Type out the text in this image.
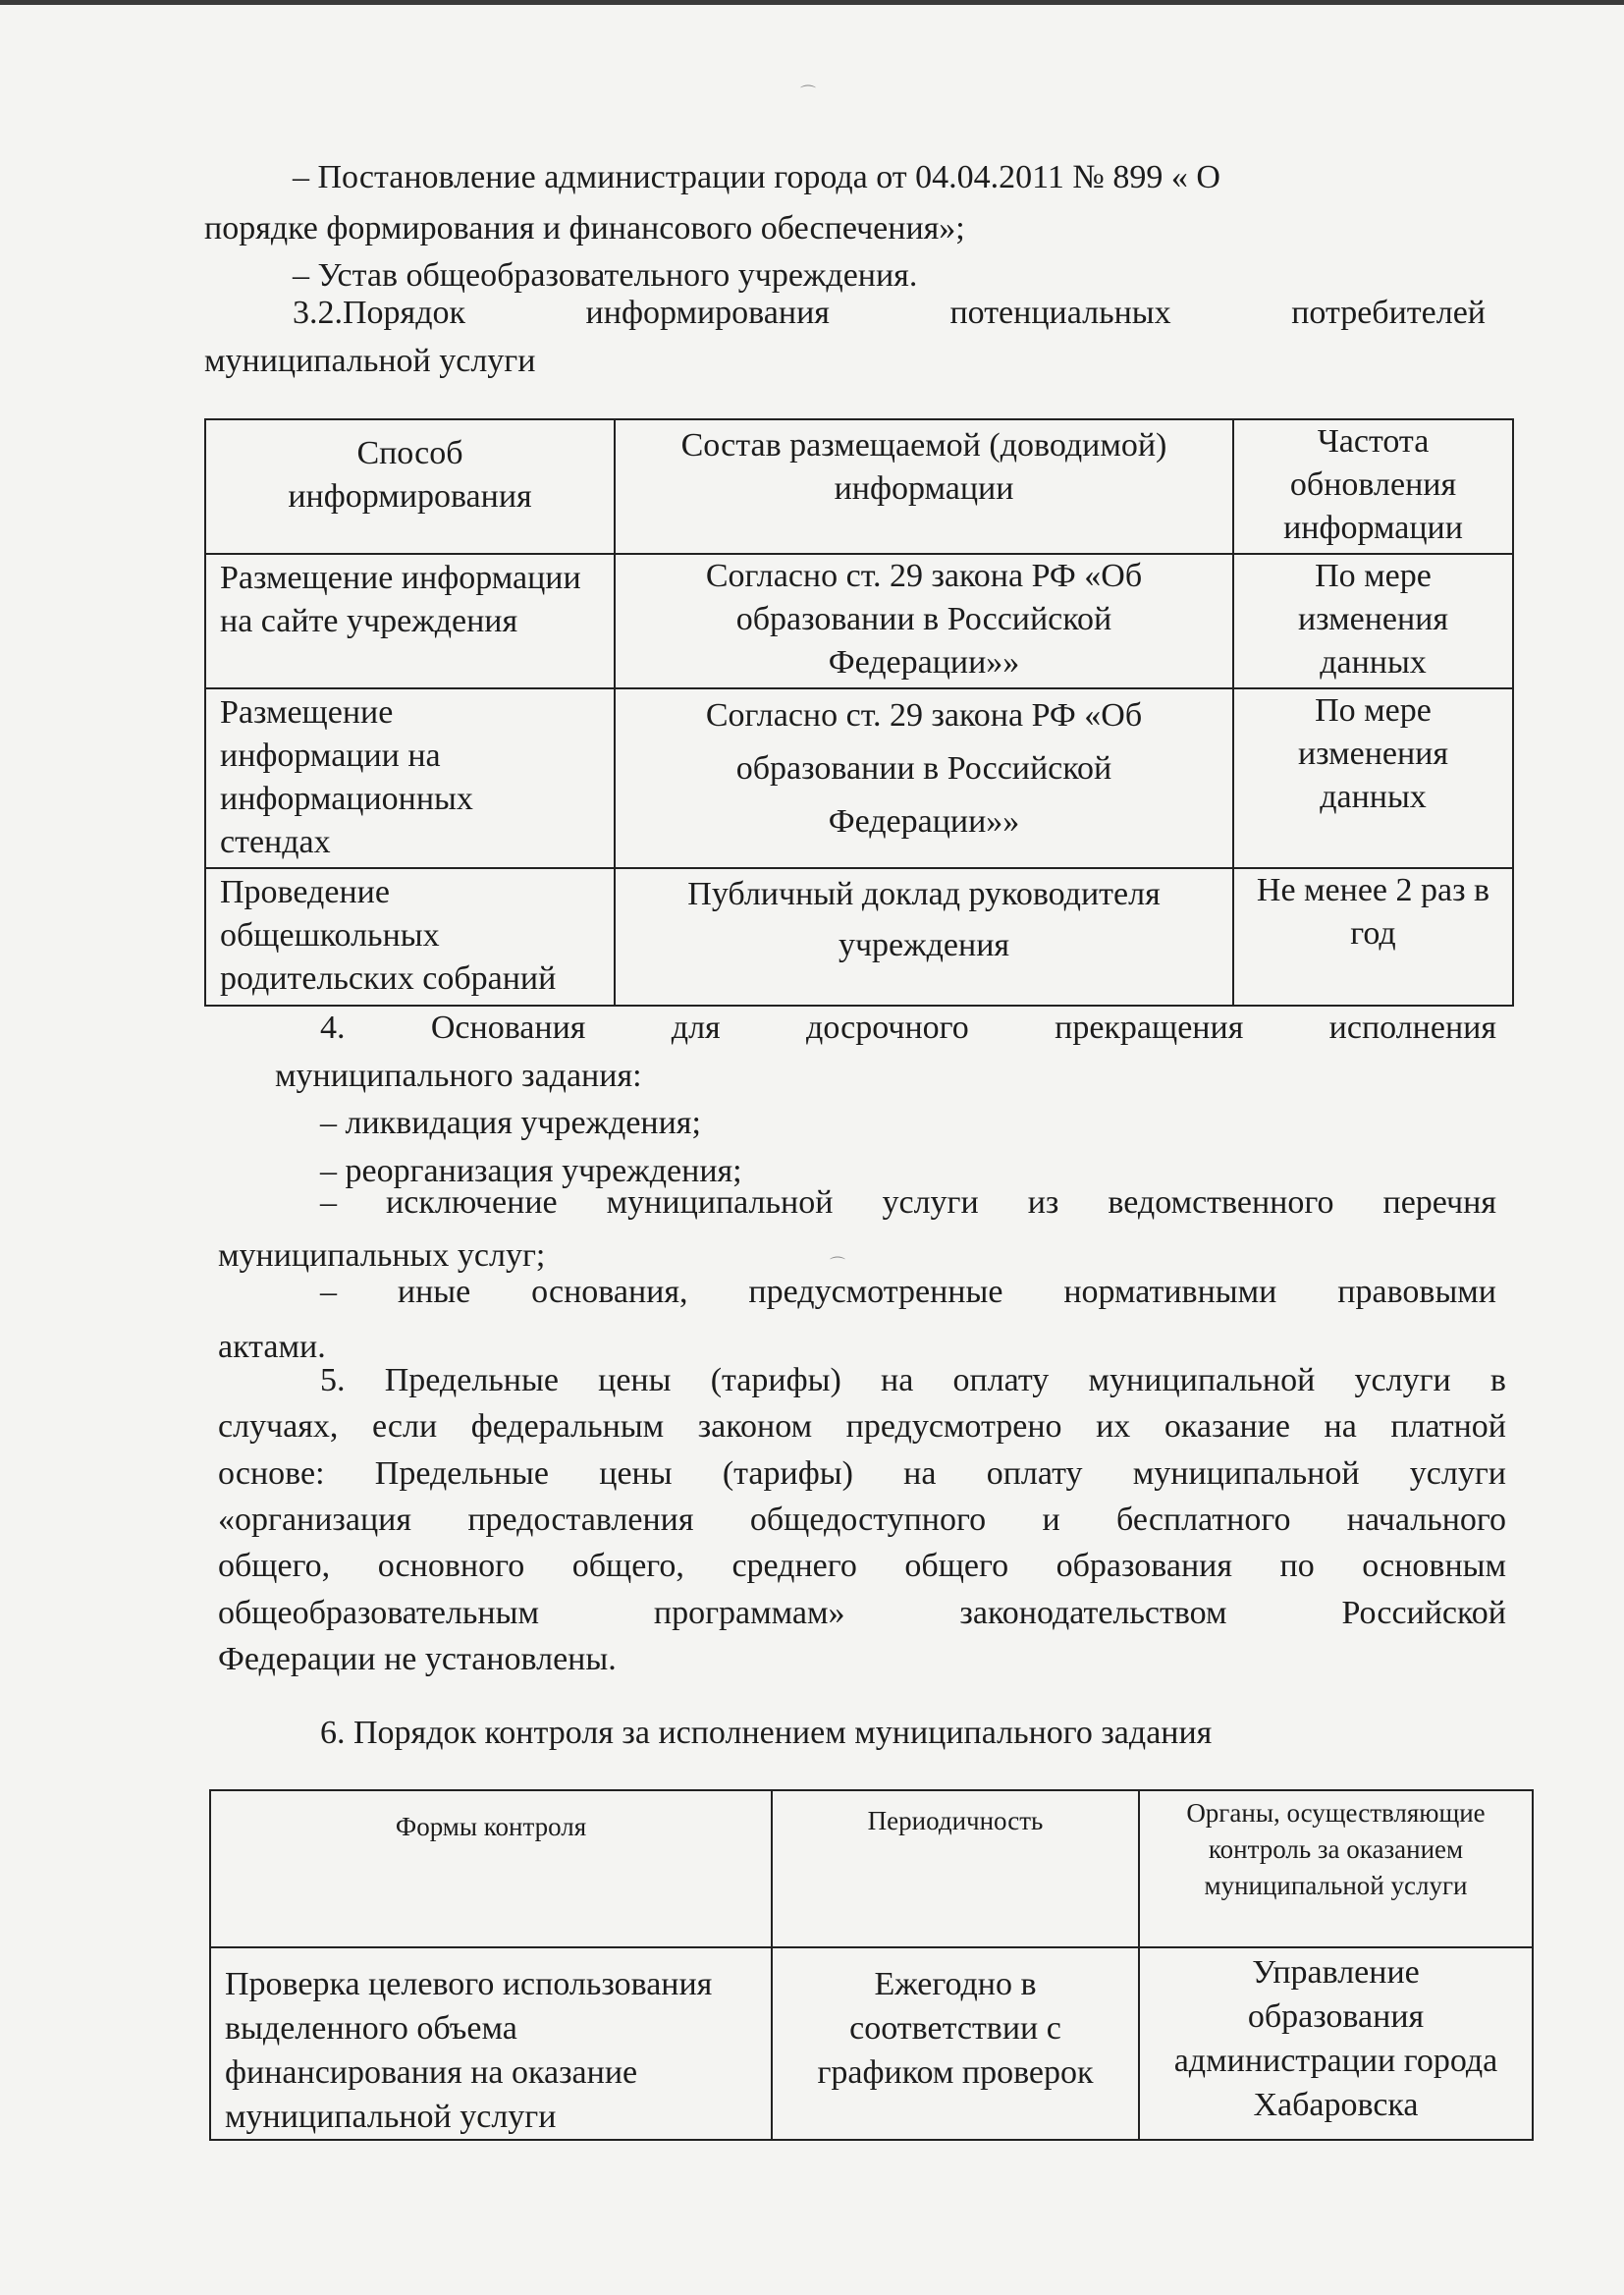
⌒

– Постановление администрации города от 04.04.2011 № 899 « О

порядке формирования и финансового обеспечения»;

– Устав общеобразовательного учреждения.

3.2.Порядок информирования потенциальных потребителей

муниципальной услуги

Способ информирования	Состав размещаемой (доводимой) информации	Частота обновления информации

Размещение информации на сайте учреждения	Согласно ст. 29 закона РФ «Об образовании в Российской Федерации»»	По мере изменения данных

Размещение информации на информационных стендах	Согласно ст. 29 закона РФ «Об образовании в Российской Федерации»»	По мере изменения данных

Проведение общешкольных родительских собраний	Публичный доклад руководителя учреждения	Не менее 2 раз в год

4. Основания для досрочного прекращения исполнения

муниципального задания:

– ликвидация учреждения;

– реорганизация учреждения;

– исключение муниципальной услуги из ведомственного перечня

муниципальных услуг;

– иные основания, предусмотренные нормативными правовыми

актами.

⌒

5. Предельные цены (тарифы) на оплату муниципальной услуги в

случаях, если федеральным законом предусмотрено их оказание на платной

основе: Предельные цены (тарифы) на оплату муниципальной услуги

«организация предоставления общедоступного и бесплатного начального

общего, основного общего, среднего общего образования по основным

общеобразовательным программам» законодательством Российской

Федерации не установлены.

6. Порядок контроля за исполнением муниципального задания

Формы контроля	Периодичность	Органы, осуществляющие контроль за оказанием муниципальной услуги

Проверка целевого использования выделенного объема финансирования на оказание муниципальной услуги	Ежегодно в соответствии с графиком проверок	Управление образования администрации города Хабаровска
